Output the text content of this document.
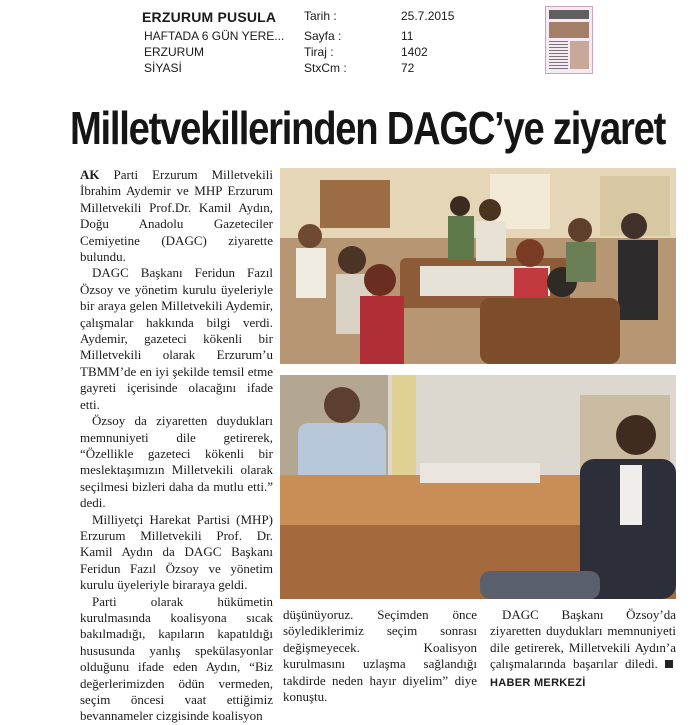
ERZURUM PUSULA
HAFTADA 6 GÜN YERE...
ERZURUM
SİYASİ
Tarih :	25.7.2015
Sayfa :	11
Tiraj :	1402
StxCm :	72
Milletvekillerinden DAGC’ye ziyaret

AK Parti Erzurum Milletvekili İbrahim Aydemir ve MHP Erzurum Milletvekili Prof.Dr. Kamil Aydın, Doğu Anadolu Gazeteciler Cemiyetine (DAGC) ziyarette bulundu.

DAGC Başkanı Feridun Fazıl Özsoy ve yönetim kurulu üyeleriyle bir araya gelen Milletvekili Aydemir, çalışmalar hakkında bilgi verdi. Aydemir, gazeteci kökenli bir Milletvekili olarak Erzurum’u TBMM’de en iyi şekilde temsil etme gayreti içerisinde olacağını ifade etti.

Özsoy da ziyaretten duydukları memnuniyeti dile getirerek, “Özellikle gazeteci kökenli bir meslektaşımızın Milletvekili olarak seçilmesi bizleri daha da mutlu etti.” dedi.

Milliyetçi Harekat Partisi (MHP) Erzurum Milletvekili Prof. Dr. Kamil Aydın da DAGC Başkanı Feridun Fazıl Özsoy ve yönetim kurulu üyeleriyle biraraya geldi.

Parti olarak hükümetin kurulmasında koalisyona sıcak bakılmadığı, kapıların kapatıldığı hususunda yanlış spekülasyonlar olduğunu ifade eden Aydın, “Biz değerlerimizden ödün vermeden, seçim öncesi vaat ettiğimiz bevannameler cizgisinde koalisyon

düşünüyoruz. Seçimden önce söylediklerimiz seçim sonrası değişmeyecek. Koalisyon kurulmasını uzlaşma sağlandığı takdirde neden hayır diyelim” diye konuştu.

DAGC Başkanı Özsoy’da ziyaretten duydukları memnuniyeti dile getirerek, Milletvekili Aydın’a çalışmalarında başarılar diledi. HABER MERKEZİ
